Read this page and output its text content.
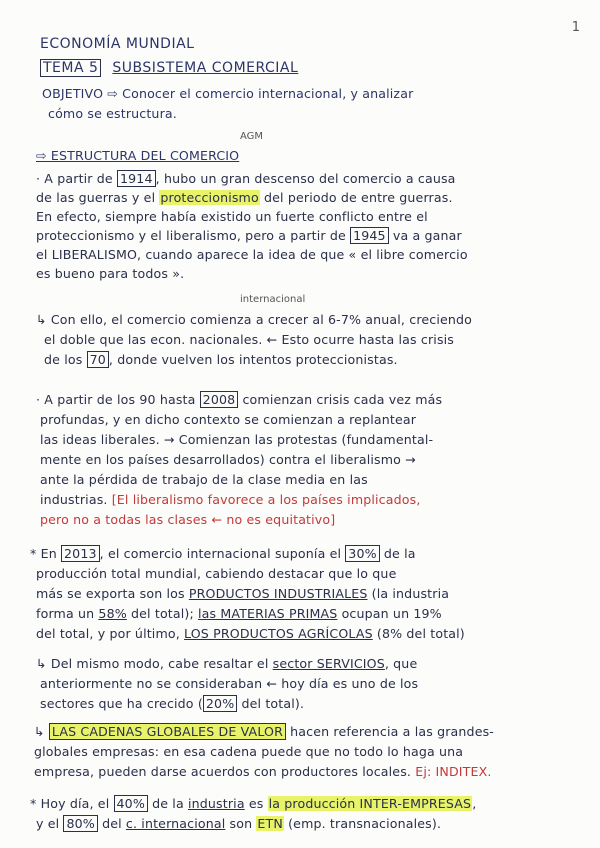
1
ECONOMÍA MUNDIAL
TEMA 5 SUBSISTEMA COMERCIAL
OBJETIVO ⇨ Conocer el comercio internacional, y analizar
cómo se estructura.
AGM
⇨ ESTRUCTURA DEL COMERCIO
· A partir de 1914 , hubo un gran descenso del comercio a causa
de las guerras y el proteccionismo del periodo de entre guerras.
En efecto, siempre había existido un fuerte conflicto entre el
proteccionismo y el liberalismo, pero a partir de 1945 va a ganar
el LIBERALISMO, cuando aparece la idea de que « el libre comercio
es bueno para todos ».
internacional
↳ Con ello, el comercio comienza a crecer al 6-7% anual, creciendo
el doble que las econ. nacionales. ← Esto ocurre hasta las crisis
de los 70 , donde vuelven los intentos proteccionistas.
· A partir de los 90 hasta 2008 comienzan crisis cada vez más
profundas, y en dicho contexto se comienzan a replantear
las ideas liberales. → Comienzan las protestas (fundamental-
mente en los países desarrollados) contra el liberalismo →
ante la pérdida de trabajo de la clase media en las
industrias. [El liberalismo favorece a los países implicados,
pero no a todas las clases ← no es equitativo]
* En 2013 , el comercio internacional suponía el 30% de la
producción total mundial, cabiendo destacar que lo que
más se exporta son los PRODUCTOS INDUSTRIALES (la industria
forma un 58% del total); las MATERIAS PRIMAS ocupan un 19%
del total, y por último, LOS PRODUCTOS AGRÍCOLAS (8% del total)
↳ Del mismo modo, cabe resaltar el sector SERVICIOS, que
anteriormente no se consideraban ← hoy día es uno de los
sectores que ha crecido ( 20% del total).
↳ LAS CADENAS GLOBALES DE VALOR hacen referencia a las grandes-
globales empresas: en esa cadena puede que no todo lo haga una
empresa, pueden darse acuerdos con productores locales. Ej: INDITEX.
* Hoy día, el 40% de la industria es la producción INTER-EMPRESAS,
y el 80% del c. internacional son ETN (emp. transnacionales).
